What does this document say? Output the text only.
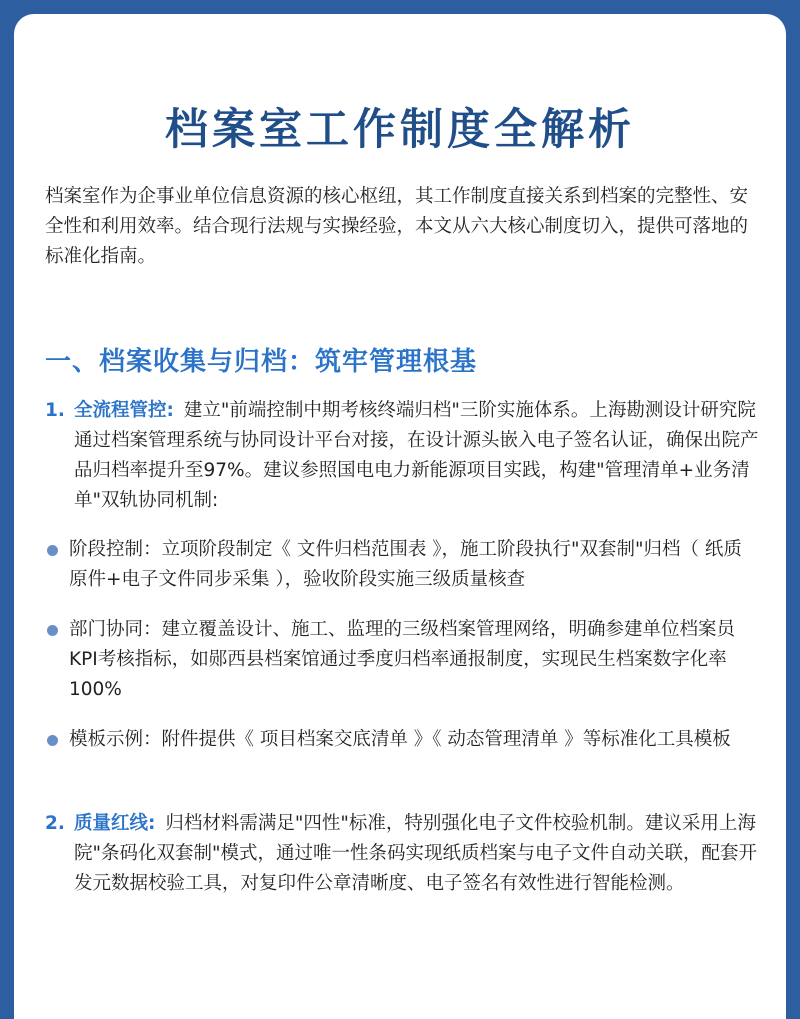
档案室工作制度全解析

档案室作为企事业单位信息资源的核心枢纽，其工作制度直接关系到档案的完整性、安全性和利用效率。结合现行法规与实操经验，本文从六大核心制度切入，提供可落地的标准化指南。

一、档案收集与归档：筑牢管理根基
1. 全流程管控: 建立"前端控制中期考核终端归档"三阶实施体系。上海勘测设计研究院通过档案管理系统与协同设计平台对接，在设计源头嵌入电子签名认证，确保出院产品归档率提升至97%。建议参照国电电力新能源项目实践，构建"管理清单+业务清单"双轨协同机制:
阶段控制：立项阶段制定《 文件归档范围表 》，施工阶段执行"双套制"归档（ 纸质原件+电子文件同步采集 ），验收阶段实施三级质量核查
部门协同：建立覆盖设计、施工、监理的三级档案管理网络，明确参建单位档案员KPI考核指标，如郧西县档案馆通过季度归档率通报制度，实现民生档案数字化率100%
模板示例：附件提供《 项目档案交底清单 》《 动态管理清单 》等标准化工具模板
2. 质量红线: 归档材料需满足"四性"标准，特别强化电子文件校验机制。建议采用上海院"条码化双套制"模式，通过唯一性条码实现纸质档案与电子文件自动关联，配套开发元数据校验工具，对复印件公章清晰度、电子签名有效性进行智能检测。
